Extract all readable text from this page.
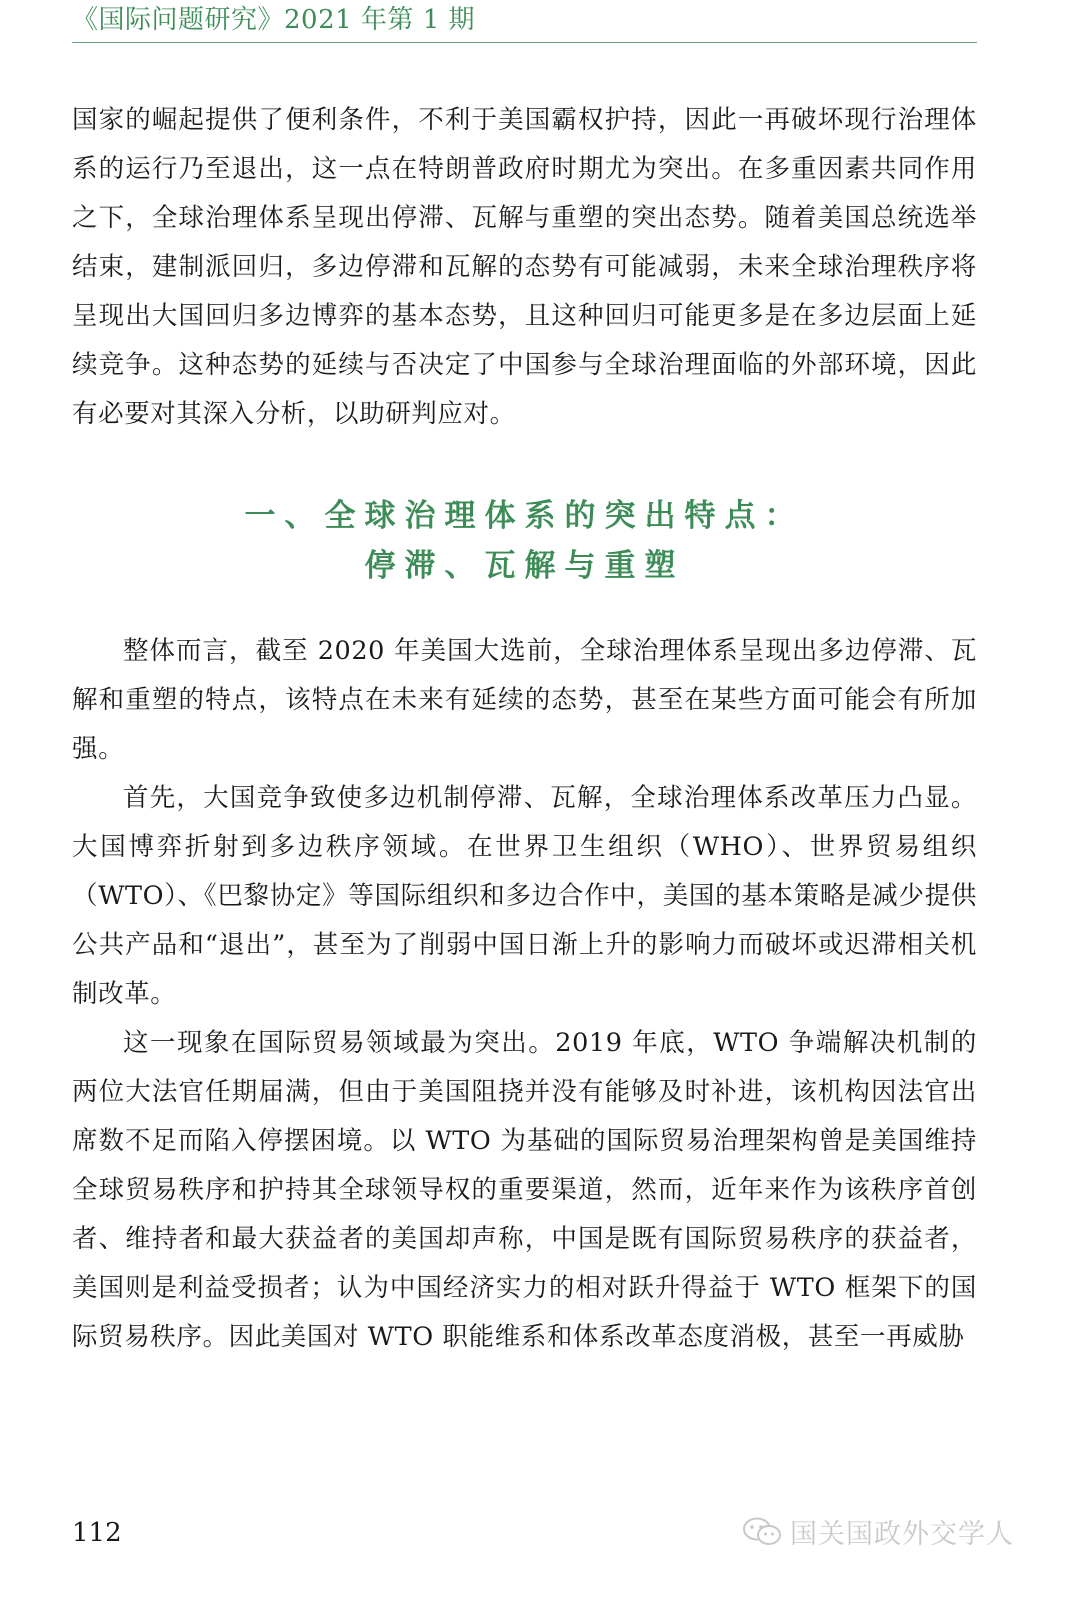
《国际问题研究》2021 年第 1 期

国家的崛起提供了便利条件，不利于美国霸权护持，因此一再破坏现行治理体系的运行乃至退出，这一点在特朗普政府时期尤为突出。在多重因素共同作用之下，全球治理体系呈现出停滞、瓦解与重塑的突出态势。随着美国总统选举结束，建制派回归，多边停滞和瓦解的态势有可能减弱，未来全球治理秩序将呈现出大国回归多边博弈的基本态势，且这种回归可能更多是在多边层面上延续竞争。这种态势的延续与否决定了中国参与全球治理面临的外部环境，因此有必要对其深入分析，以助研判应对。

一、全球治理体系的突出特点：
停滞、瓦解与重塑

整体而言，截至 2020 年美国大选前，全球治理体系呈现出多边停滞、瓦解和重塑的特点，该特点在未来有延续的态势，甚至在某些方面可能会有所加强。

首先，大国竞争致使多边机制停滞、瓦解，全球治理体系改革压力凸显。大国博弈折射到多边秩序领域。在世界卫生组织（WHO）、世界贸易组织（WTO）、《巴黎协定》等国际组织和多边合作中，美国的基本策略是减少提供公共产品和“退出”，甚至为了削弱中国日渐上升的影响力而破坏或迟滞相关机制改革。

这一现象在国际贸易领域最为突出。2019 年底，WTO 争端解决机制的两位大法官任期届满，但由于美国阻挠并没有能够及时补进，该机构因法官出席数不足而陷入停摆困境。以 WTO 为基础的国际贸易治理架构曾是美国维持全球贸易秩序和护持其全球领导权的重要渠道，然而，近年来作为该秩序首创者、维持者和最大获益者的美国却声称，中国是既有国际贸易秩序的获益者，美国则是利益受损者；认为中国经济实力的相对跃升得益于 WTO 框架下的国际贸易秩序。因此美国对 WTO 职能维系和体系改革态度消极，甚至一再威胁

112	国关国政外交学人
